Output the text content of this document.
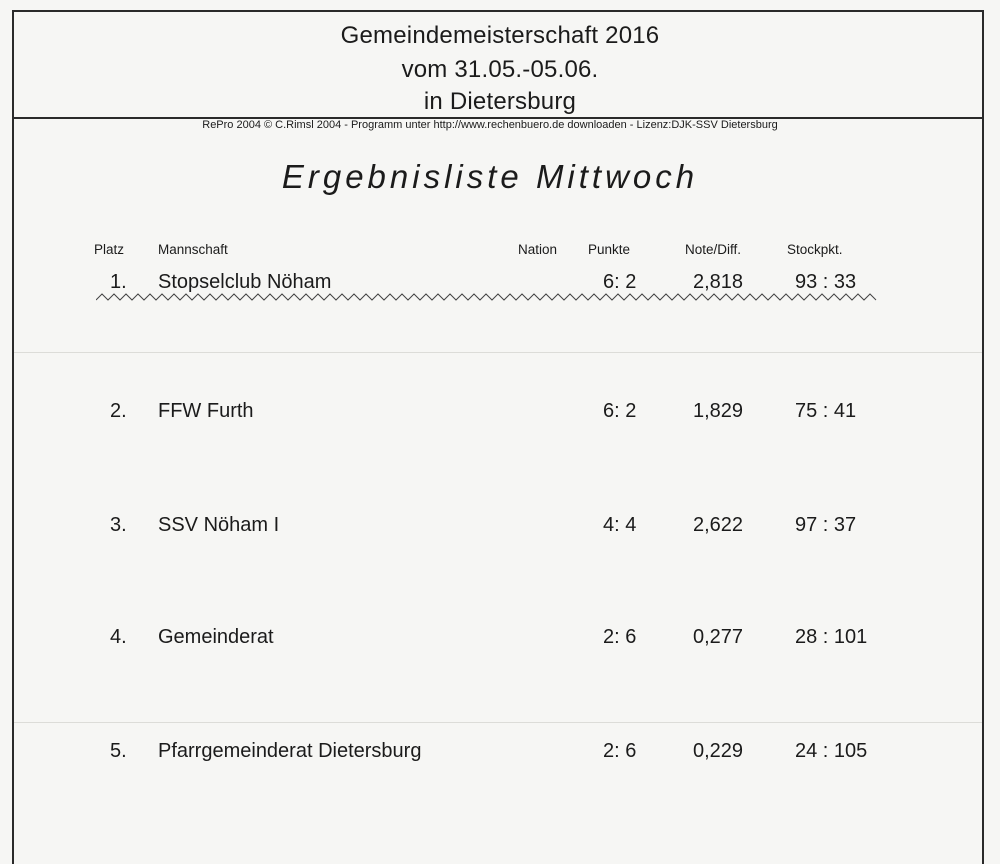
Gemeindemeisterschaft 2016
vom 31.05.-05.06.
in Dietersburg
RePro 2004 © C.Rimsl 2004 - Programm unter http://www.rechenbuero.de downloaden - Lizenz:DJK-SSV Dietersburg
Ergebnisliste Mittwoch
Platz	Mannschaft	Nation Punkte	Note/Diff.	Stockpkt.
1. Stopselclub Nöham	6: 2	2,818	93 : 33
2. FFW Furth	6: 2	1,829	75 : 41
3. SSV Nöham I	4: 4	2,622	97 : 37
4. Gemeinderat	2: 6	0,277	28 : 101
5. Pfarrgemeinderat Dietersburg	2: 6	0,229	24 : 105
